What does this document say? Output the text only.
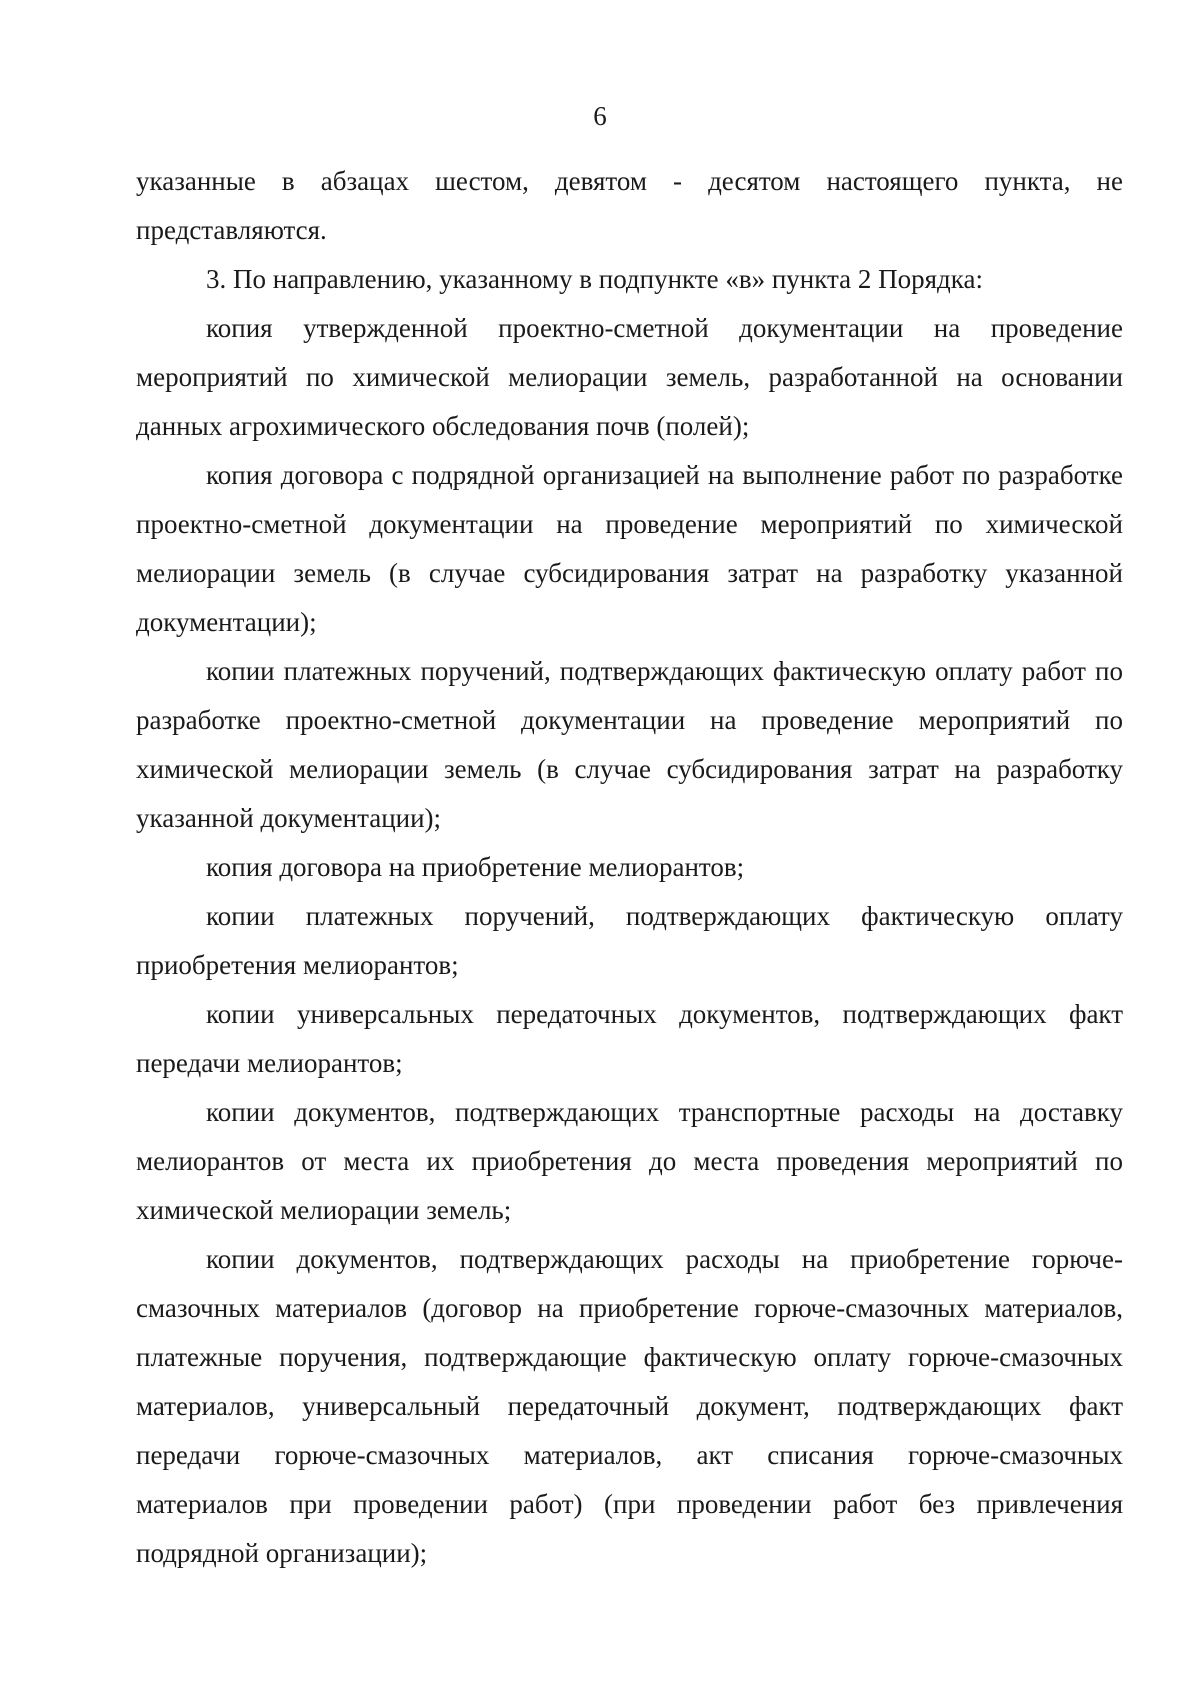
6

указанные в абзацах шестом, девятом - десятом настоящего пункта, не представляются.

3. По направлению, указанному в подпункте «в» пункта 2 Порядка:

копия утвержденной проектно-сметной документации на проведение мероприятий по химической мелиорации земель, разработанной на основании данных агрохимического обследования почв (полей);

копия договора с подрядной организацией на выполнение работ по разработке проектно-сметной документации на проведение мероприятий по химической мелиорации земель (в случае субсидирования затрат на разработку указанной документации);

копии платежных поручений, подтверждающих фактическую оплату работ по разработке проектно-сметной документации на проведение мероприятий по химической мелиорации земель (в случае субсидирования затрат на разработку указанной документации);

копия договора на приобретение мелиорантов;

копии платежных поручений, подтверждающих фактическую оплату приобретения мелиорантов;

копии универсальных передаточных документов, подтверждающих факт передачи мелиорантов;

копии документов, подтверждающих транспортные расходы на доставку мелиорантов от места их приобретения до места проведения мероприятий по химической мелиорации земель;

копии документов, подтверждающих расходы на приобретение горюче-смазочных материалов (договор на приобретение горюче-смазочных материалов, платежные поручения, подтверждающие фактическую оплату горюче-смазочных материалов, универсальный передаточный документ, подтверждающих факт передачи горюче-смазочных материалов, акт списания горюче-смазочных материалов при проведении работ) (при проведении работ без привлечения подрядной организации);
